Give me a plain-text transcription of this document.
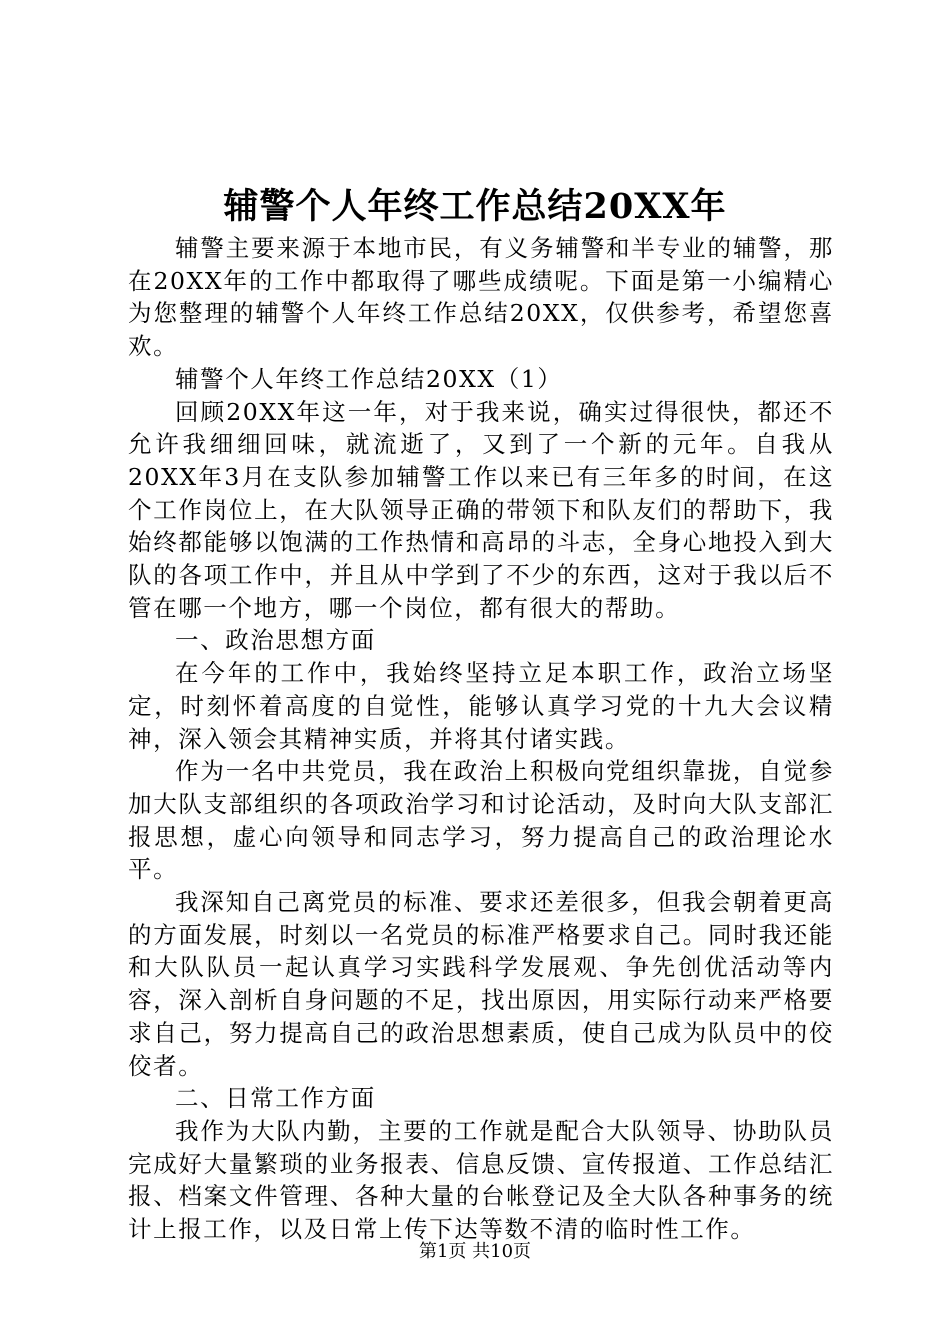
辅警个人年终工作总结20XX年

辅警主要来源于本地市民，有义务辅警和半专业的辅警，那在20XX年的工作中都取得了哪些成绩呢。下面是第一小编精心为您整理的辅警个人年终工作总结20XX，仅供参考，希望您喜欢。

辅警个人年终工作总结20XX（1）

回顾20XX年这一年，对于我来说，确实过得很快，都还不允许我细细回味，就流逝了，又到了一个新的元年。自我从20XX年3月在支队参加辅警工作以来已有三年多的时间，在这个工作岗位上，在大队领导正确的带领下和队友们的帮助下，我始终都能够以饱满的工作热情和高昂的斗志，全身心地投入到大队的各项工作中，并且从中学到了不少的东西，这对于我以后不管在哪一个地方，哪一个岗位，都有很大的帮助。

一、政治思想方面

在今年的工作中，我始终坚持立足本职工作，政治立场坚定，时刻怀着高度的自觉性，能够认真学习党的十九大会议精神，深入领会其精神实质，并将其付诸实践。

作为一名中共党员，我在政治上积极向党组织靠拢，自觉参加大队支部组织的各项政治学习和讨论活动，及时向大队支部汇报思想，虚心向领导和同志学习，努力提高自己的政治理论水平。

我深知自己离党员的标准、要求还差很多，但我会朝着更高的方面发展，时刻以一名党员的标准严格要求自己。同时我还能和大队队员一起认真学习实践科学发展观、争先创优活动等内容，深入剖析自身问题的不足，找出原因，用实际行动来严格要求自己，努力提高自己的政治思想素质，使自己成为队员中的佼佼者。

二、日常工作方面

我作为大队内勤，主要的工作就是配合大队领导、协助队员完成好大量繁琐的业务报表、信息反馈、宣传报道、工作总结汇报、档案文件管理、各种大量的台帐登记及全大队各种事务的统计上报工作，以及日常上传下达等数不清的临时性工作。

第1页 共10页
